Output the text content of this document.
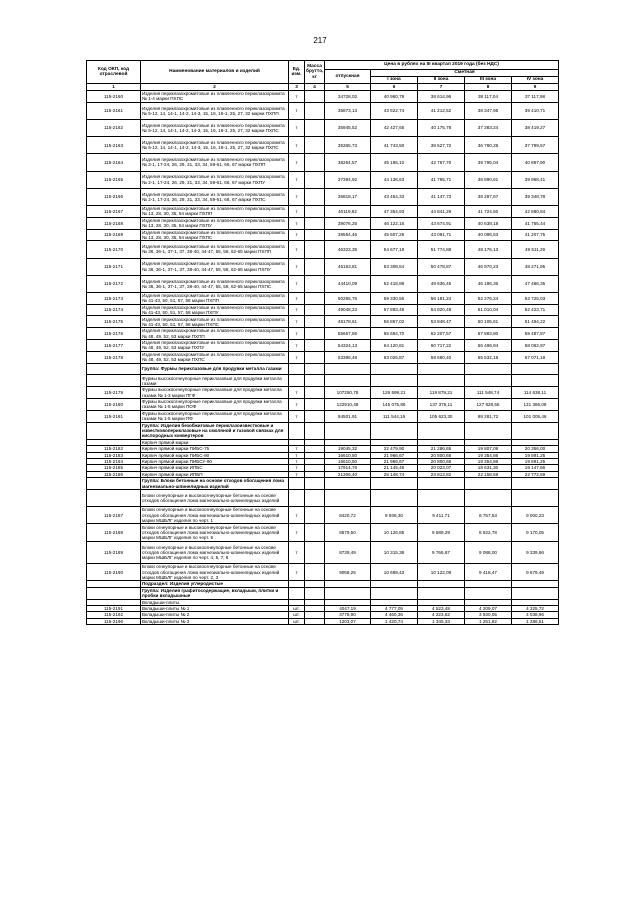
217
Код ОКП, код отраслевой	Наименование материалов и изделий	Ед. изм.	Масса брутто, кг	Цена в рублях на III квартал 2019 года (без НДС)				
				отпускная	Сметная			
					I зона	II зона	III зона	IV зона
1	2	3	4	5	6	7	8	9
115-2160	Изделия периклазохромитовые из плавленного периклазохромита № 1-4 марки ПХПС	т		34728,02	40 960,79	38 614,96	38 117,04	37 117,98
115-2161	Изделия периклазохромитовые из плавленного периклазохромита № 5-12, 14, 14-1, 14-2, 14-3, 15, 16, 16-1, 25, 27, 32 марки ПХПП	т		35873,13	43 522,74	41 212,52	38 347,95	39 410,71
115-2162	Изделия периклазохромитовые из плавленного периклазохромита № 5-12, 14, 14-1, 14-2, 14-3, 15, 16, 16-1, 25, 27, 32 марки ПХПС	т		35945,52	42 427,65	40 175,78	37 383,24	38 419,27
115-2163	Изделия периклазохромитовые из плавленного периклазохромита № 5-12, 14, 14-1, 14-2, 14-3, 15, 16, 16-1, 25, 27, 32 марки ПХПС	т		35365,73	41 743,50	39 527,72	36 780,28	37 799,57
115-2164	Изделия периклазохромитовые из плавленного периклазохромита № 2-1, 17-24, 26, 29, 31, 33, 34, 59-61, 66, 67 марки ПХПП	т		38264,57	45 185,10	42 767,70	39 795,04	40 897,90
115-2165	Изделия периклазохромитовые из плавленного периклазохромита № 2-1, 17-24, 26, 29, 31, 33, 34, 59-61, 66, 67 марки ПХПУ	т		37394,92	44 136,63	41 795,71	38 890,61	39 968,41
115-2166	Изделия периклазохромитовые из плавленного периклазохромита № 2-1, 17-24, 26, 29, 31, 33, 34, 59-61, 66, 67 марки ПХПС	т		36818,17	43 454,33	41 147,73	38 287,67	39 348,78
115-2167	Изделия периклазохромитовые из плавленного периклазохромита № 13, 28, 30, 35, 54 марки ПХПП	т		40119,82	47 354,93	44 841,29	41 724,50	42 880,84
115-2168	Изделия периклазохромитовые из плавленного периклазохромита № 13, 28, 30, 35, 54 марки ПХПУ	т		39076,25	46 122,16	43 674,91	40 638,18	41 765,44
115-2169	Изделия периклазохромитовые из плавленного периклазохромита № 13, 28, 30, 35, 54 марки ПХПС	т		38554,46	45 507,28	43 091,71	40 096,53	41 207,75
115-2170	Изделия периклазохромитовые из плавленного периклазохромита № 36, 36-1, 37-1, 37, 38-40, 44-47, 55, 58, 62-65 марки ПХПП	т		46323,35	54 677,19	51 774,88	48 176,13	49 511,29
115-2171	Изделия периклазохромитовые из плавленного периклазохромита № 36, 36-1, 37-1, 37, 38-40, 44-47, 55, 58, 62-65 марки ПХПУ	т		45163,81	53 308,54	50 478,87	46 970,23	48 271,95
115-2172	Изделия периклазохромитовые из плавленного периклазохромита № 36, 36-1, 37-1, 37, 38-40, 44-47, 55, 58, 62-65 марки ПХПС	т		44410,09	52 418,89	49 636,45	46 186,36	47 466,35
115-2173	Изделия периклазохромитовые из плавленного периклазохромита № 41-43, 50, 51, 57, 58 марки ПХПП	т		50265,76	59 330,56	56 181,24	52 276,24	53 725,03
115-2174	Изделия периклазохромитовые из плавленного периклазохромита № 41-43, 50, 51, 57, 58 марки ПХПУ	т		49048,23	57 893,49	54 820,48	51 010,04	52 423,71
115-2175	Изделия периклазохромитовые из плавленного периклазохромита № 41-43, 50, 51, 57, 58 марки ПХПС	т		48178,61	56 867,02	53 848,47	50 105,61	51 494,22
115-2176	Изделия периклазохромитовые из плавленного периклазохромита № 48, 49, 52, 53 марки ПХПП	т		55657,56	65 694,70	62 207,57	57 883,80	59 487,87
115-2177	Изделия периклазохромитовые из плавленного периклазохромита № 48, 49, 52, 53 марки ПХПУ	т		54324,13	64 120,81	60 717,22	56 496,94	58 062,97
115-2178	Изделия периклазохромитовые из плавленного периклазохромита № 48, 49, 52, 53 марки ПХПС	т		53396,48	63 025,87	59 680,40	55 532,18	57 071,18
	Группа: Фурмы периклазовые для продувки металла газами							
	Фурмы высокоогнеупорные периклазовые для продувки металла газами							
115-2179	Фурмы высокоогнеупорные периклазовые для продувки металла газами № 1-3 марки ПГФ	т		107250,78	126 599,21	119 879,21	111 548,74	114 638,11
115-2180	Фурмы высокоогнеупорные периклазовые для продувки металла газами № 1-5 марки ПОФ	т		122910,48	145 075,86	137 375,11	127 828,55	131 366,08
115-2181	Фурмы высокоогнеупорные периклазовые для продувки металла газами № 1-5 марки ПФ	т		94501,91	111 544,16	105 623,30	98 281,72	101 005,46
	Группа: Изделия безобжиговые периклазоизвестковые и известковопериклазовые на смоляной и газовой связках для кислородных конвертеров							
	Кирпич прямой марки							
115-2182	Кирпич прямой марки ПИБС-75	т		19045,32	22 479,90	21 286,65	19 807,09	20 356,00
115-2183	Кирпич прямой марки ПИБС-90	т		16610,50	21 966,67	20 800,66	19 354,86	19 891,25
115-2184	Кирпич прямой марки ПИБСУ-90	т		16610,50	21 966,67	20 800,66	19 354,86	19 891,25
115-2185	Кирпич прямой марки ИПБС	т		17914,76	21 145,46	20 023,07	18 631,30	19 147,66
115-2186	Кирпич прямой марки ИПБП	т		21306,40	25 148,74	23 813,82	22 158,59	22 772,69
	Группа: Блоки бетонные на основе отходов обогащения лома магнезиально-шпинелидных изделий							
	Блоки огнеупорные и высокоогнеупорные бетонные на основе отходов обогащения лома магнезиально-шпинелидных изделий							
115-2187	Блоки огнеупорные и высокоогнеупорные бетонные на основе отходов обогащения лома магнезиально-шпинелидных изделий марки МШБЛГ изделия по черт. 1	т		8420,72	9 939,30	9 411,71	8 757,53	9 000,23
115-2188	Блоки огнеупорные и высокоогнеупорные бетонные на основе отходов обогащения лома магнезиально-шпинелидных изделий марки МШБЛГ изделия по черт. 6	т		8579,50	10 126,85	9 589,29	8 922,78	9 170,05
115-2189	Блоки огнеупорные и высокоогнеупорные бетонные на основе отходов обогащения лома магнезиально-шпинелидных изделий марки МШБЛГ изделия по черт. 4, 5, 7, 8	т		8739,49	10 315,38	9 766,87	9 088,00	9 339,86
115-2190	Блоки огнеупорные и высокоогнеупорные бетонные на основе отходов обогащения лома магнезиально-шпинелидных изделий марки МШБЛГ изделия по черт. 2, 3	т		9058,25	10 689,43	10 122,09	9 418,47	9 679,49
	Подраздел: Изделия углеродистые							
	Группа: Изделия графитосодержащие, вкладыши, плитки и пробки вкладышные							
	Вкладыши-плиты							
115-2191	Вкладыши-плиты № 1	шт.		4047,19	4 777,05	4 523,48	4 209,07	4 325,72
115-2192	Вкладыши-плиты № 2	шт.		3778,90	4 460,36	4 223,62	3 930,05	4 038,96
115-2196	Вкладыши-плиты № 3	шт.		1203,07	1 420,74	1 345,33	1 251,82	1 286,51
